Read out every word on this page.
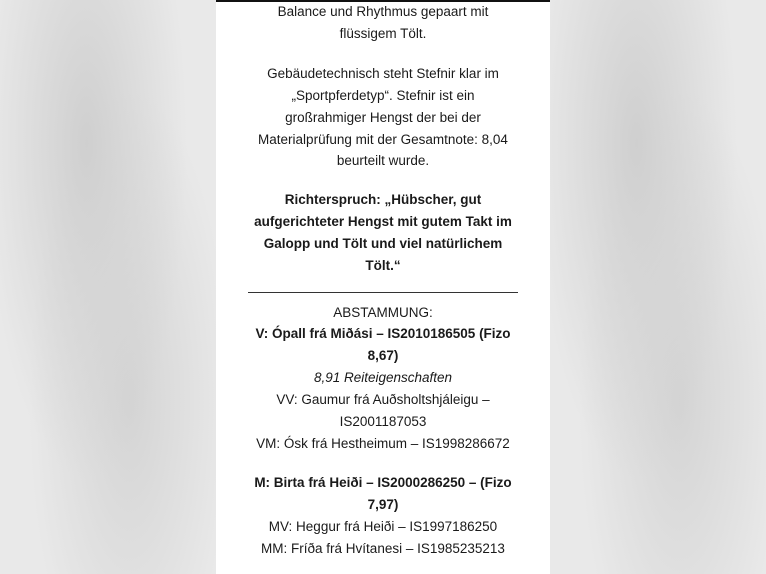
Balance und Rhythmus gepaart mit
flüssigem Tölt.
Gebäudetechnisch steht Stefnir klar im
„Sportpferdetyp“. Stefnir ist ein
großrahmiger Hengst der bei der
Materialprüfung mit der Gesamtnote: 8,04
beurteilt wurde.
Richterspruch: „Hübscher, gut
aufgerichteter Hengst mit gutem Takt im
Galopp und Tölt und viel natürlichem
Tölt.“
ABSTAMMUNG:
V: Ópall frá Miðási – IS2010186505 (Fizo
8,67)
8,91 Reiteigenschaften
VV: Gaumur frá Auðsholtshjáleigu –
IS2001187053
VM: Ósk frá Hestheimum – IS1998286672
M: Birta frá Heiði – IS2000286250 – (Fizo
7,97)
MV: Heggur frá Heiði – IS1997186250
MM: Fríða frá Hvítanesi – IS1985235213
